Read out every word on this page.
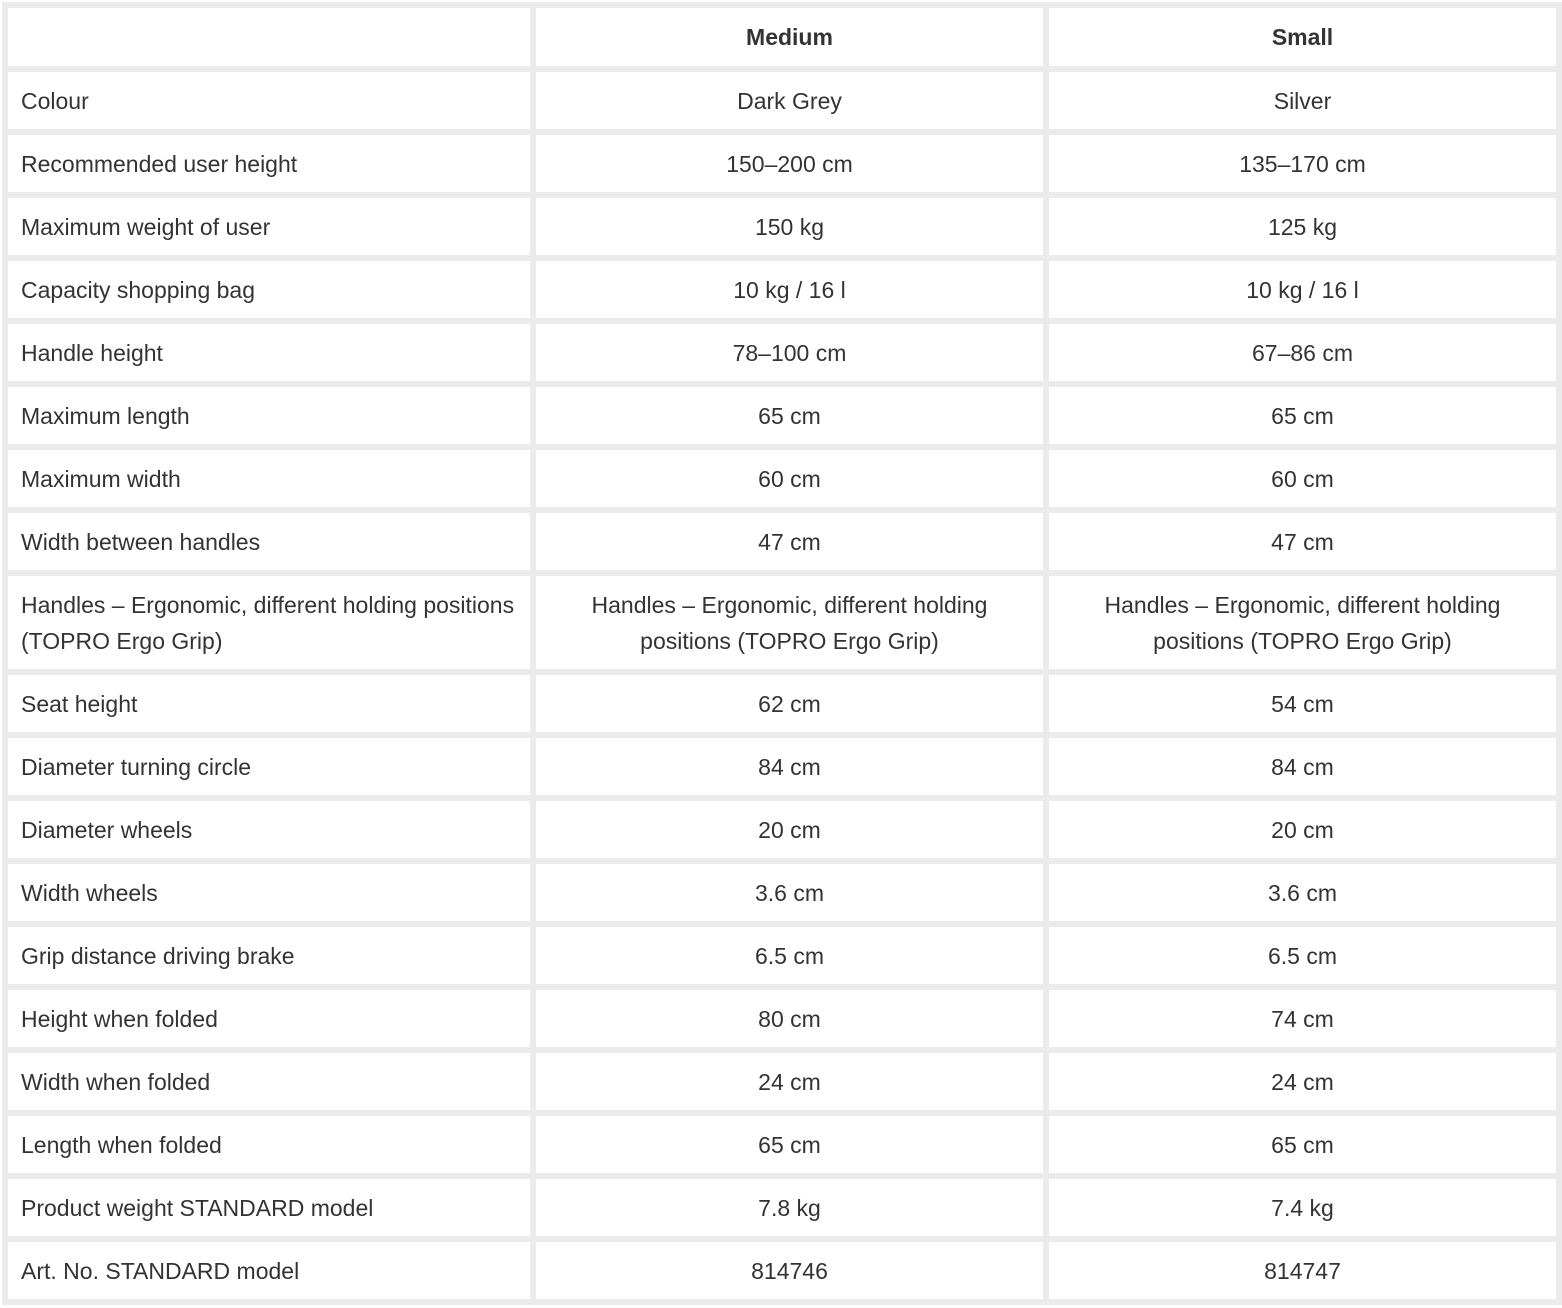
	Medium	Small
Colour	Dark Grey	Silver
Recommended user height	150–200 cm	135–170 cm
Maximum weight of user	150 kg	125 kg
Capacity shopping bag	10 kg / 16 l	10 kg / 16 l
Handle height	78–100 cm	67–86 cm
Maximum length	65 cm	65 cm
Maximum width	60 cm	60 cm
Width between handles	47 cm	47 cm
Handles – Ergonomic, different holding positions (TOPRO Ergo Grip)	Handles – Ergonomic, different holding positions (TOPRO Ergo Grip)	Handles – Ergonomic, different holding positions (TOPRO Ergo Grip)
Seat height	62 cm	54 cm
Diameter turning circle	84 cm	84 cm
Diameter wheels	20 cm	20 cm
Width wheels	3.6 cm	3.6 cm
Grip distance driving brake	6.5 cm	6.5 cm
Height when folded	80 cm	74 cm
Width when folded	24 cm	24 cm
Length when folded	65 cm	65 cm
Product weight STANDARD model	7.8 kg	7.4 kg
Art. No. STANDARD model	814746	814747
